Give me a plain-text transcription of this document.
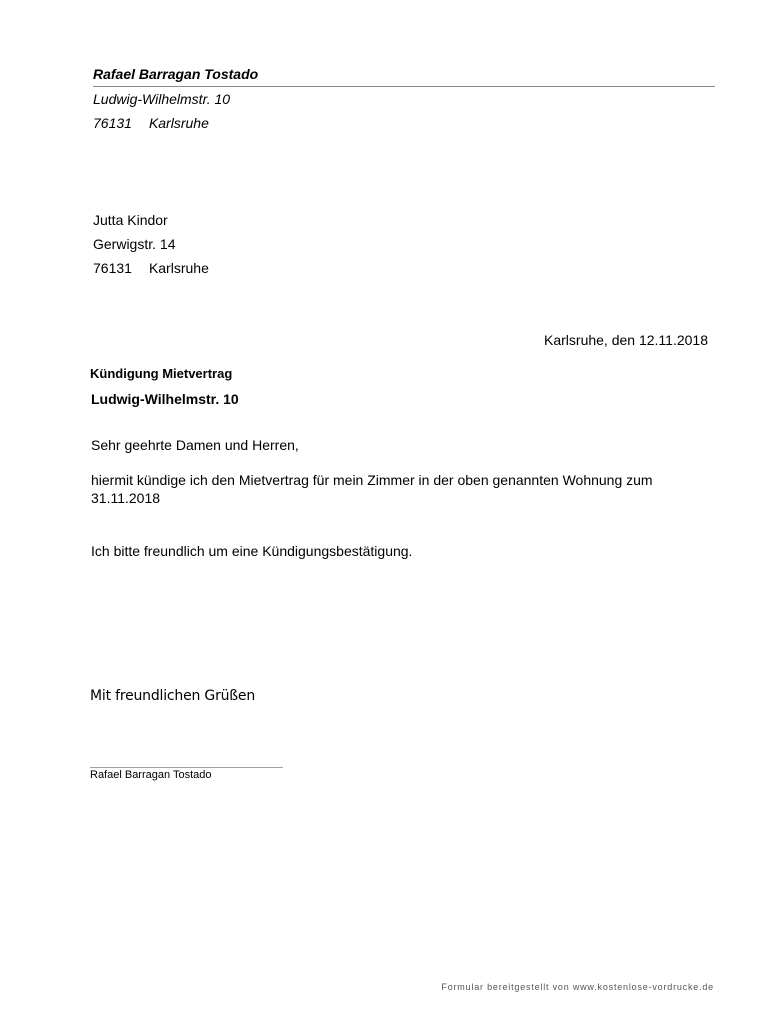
Rafael Barragan Tostado
Ludwig-Wilhelmstr. 10
76131 Karlsruhe
Jutta Kindor
Gerwigstr. 14
76131 Karlsruhe
Karlsruhe, den 12.11.2018
Kündigung Mietvertrag
Ludwig-Wilhelmstr. 10
Sehr geehrte Damen und Herren,
hiermit kündige ich den Mietvertrag für mein Zimmer in der oben genannten Wohnung zum 31.11.2018
Ich bitte freundlich um eine Kündigungsbestätigung.
Mit freundlichen Grüßen
Rafael Barragan Tostado
Formular bereitgestellt von www.kostenlose-vordrucke.de
